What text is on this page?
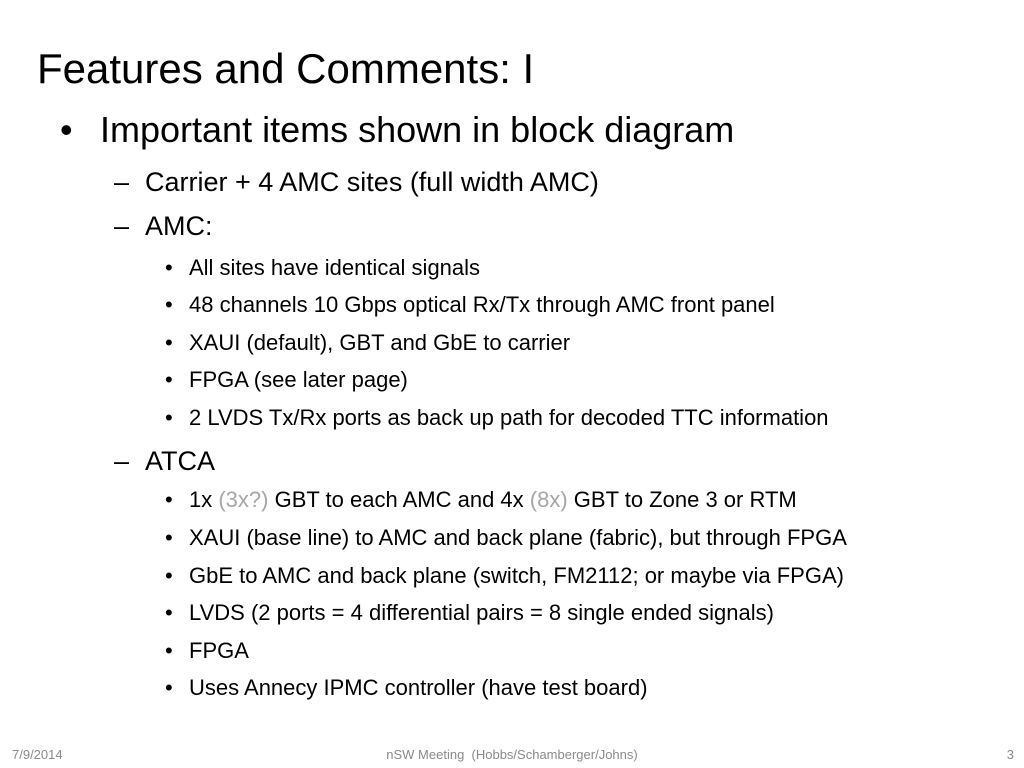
Features and Comments: I
• Important items shown in block diagram
– Carrier + 4 AMC sites (full width AMC)
– AMC:
• All sites have identical signals
• 48 channels 10 Gbps optical Rx/Tx through AMC front panel
• XAUI (default), GBT and GbE to carrier
• FPGA (see later page)
• 2 LVDS Tx/Rx ports as back up path for decoded TTC information
– ATCA
• 1x (3x?) GBT to each AMC and 4x (8x) GBT to Zone 3 or RTM
• XAUI (base line) to AMC and back plane (fabric), but through FPGA
• GbE to AMC and back plane (switch, FM2112; or maybe via FPGA)
• LVDS (2 ports = 4 differential pairs = 8 single ended signals)
• FPGA
• Uses Annecy IPMC controller (have test board)
7/9/2014	nSW Meeting  (Hobbs/Schamberger/Johns)	3
